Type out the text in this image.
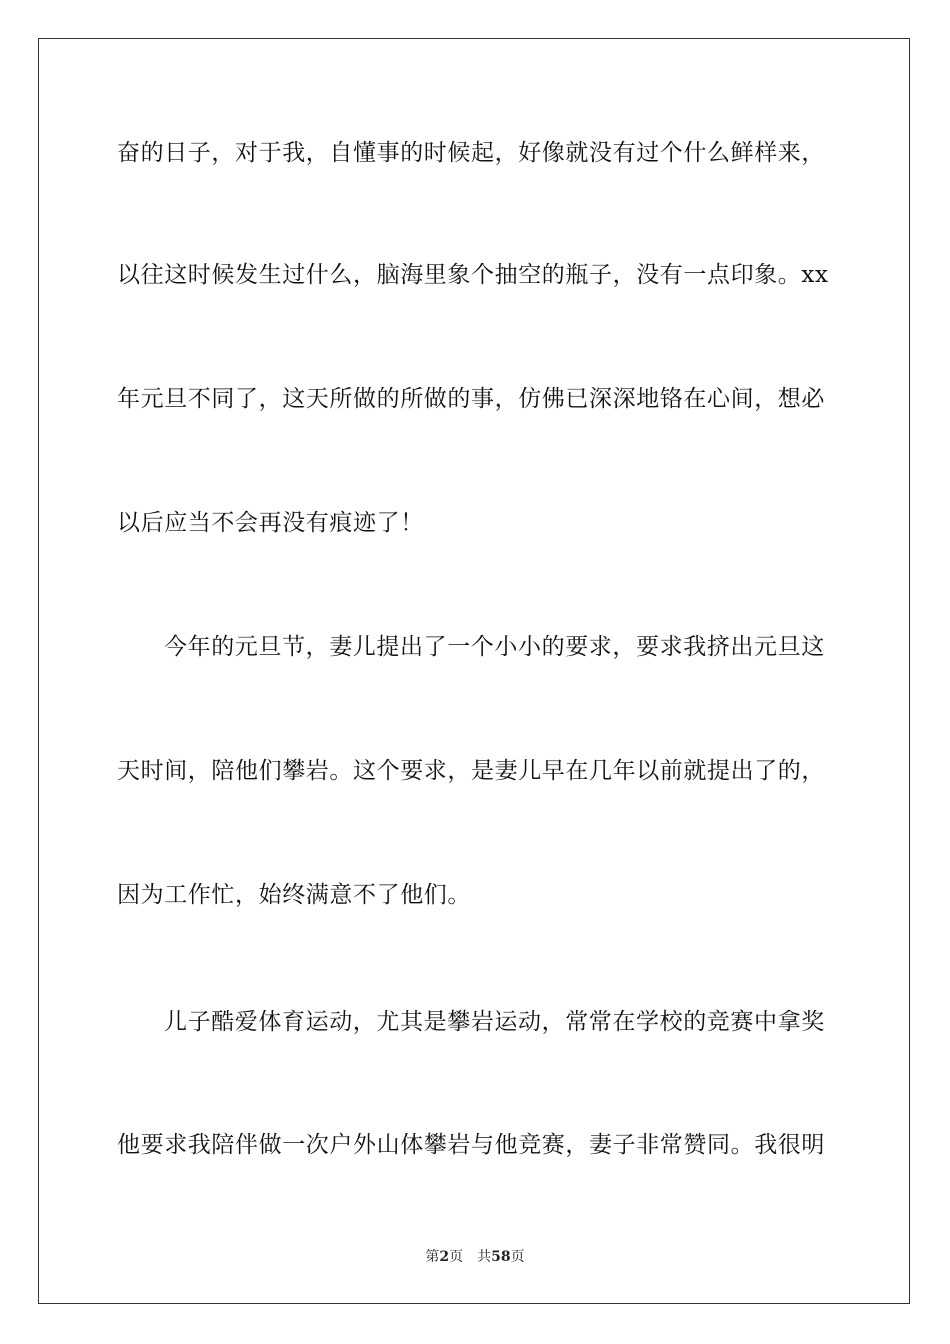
奋的日子，对于我，自懂事的时候起，好像就没有过个什么鲜样来，
以往这时候发生过什么，脑海里象个抽空的瓶子，没有一点印象。xx
年元旦不同了，这天所做的所做的事，仿佛已深深地铬在心间，想必
以后应当不会再没有痕迹了！
今年的元旦节，妻儿提出了一个小小的要求，要求我挤出元旦这
天时间，陪他们攀岩。这个要求，是妻儿早在几年以前就提出了的，
因为工作忙，始终满意不了他们。
儿子酷爱体育运动，尤其是攀岩运动，常常在学校的竞赛中拿奖
他要求我陪伴做一次户外山体攀岩与他竞赛，妻子非常赞同。我很明
第2页 共58页
